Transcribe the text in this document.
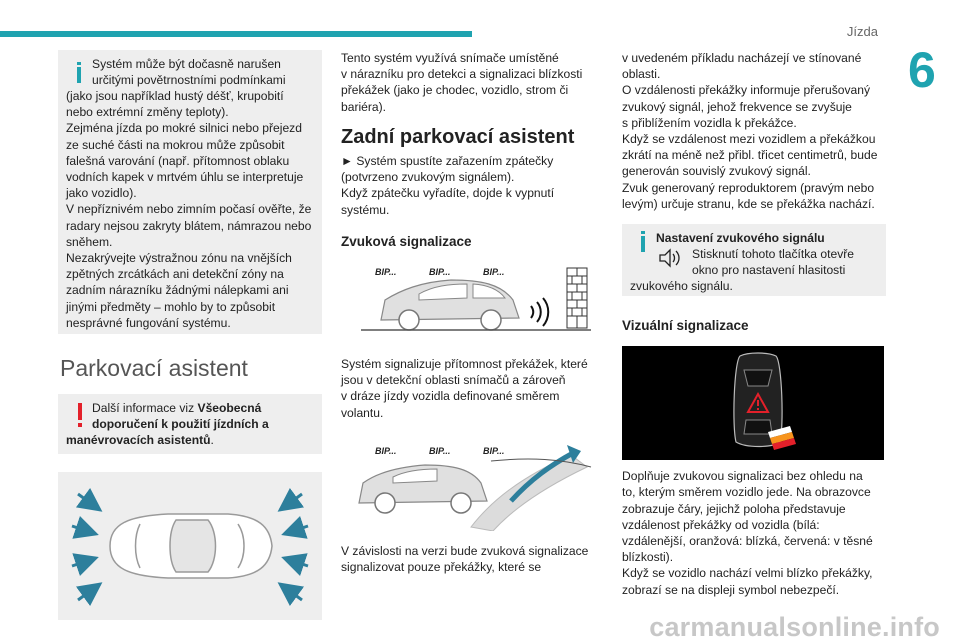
Jízda
6
Systém může být dočasně narušen
určitými povětrnostními podmínkami

(jako jsou například hustý déšť, krupobití

nebo extrémní změny teploty).

Zejména jízda po mokré silnici nebo přejezd

ze suché části na mokrou může způsobit

falešná varování (např. přítomnost oblaku

vodních kapek v mrtvém úhlu se interpretuje

jako vozidlo).

V nepříznivém nebo zimním počasí ověřte, že

radary nejsou zakryty blátem, námrazou nebo

sněhem.

Nezakrývejte výstražnou zónu na vnějších

zpětných zrcátkách ani detekční zóny na

zadním nárazníku žádnými nálepkami ani

jinými předměty – mohlo by to způsobit

nesprávné fungování systému.

Parkovací asistent
Další informace viz Všeobecná
doporučení k použití jízdních a
manévrovacích asistentů.

Tento systém využívá snímače umístěné

v nárazníku pro detekci a signalizaci blízkosti

překážek (jako je chodec, vozidlo, strom či

bariéra).

Zadní parkovací asistent

► Systém spustíte zařazením zpátečky

(potvrzeno zvukovým signálem).

Když zpátečku vyřadíte, dojde k vypnutí

systému.

Zvuková signalizace
BIP...	BIP...	BIP...

Systém signalizuje přítomnost překážek, které

jsou v detekční oblasti snímačů a zároveň

v dráze jízdy vozidla definované směrem

volantu.

BIP...	BIP...	BIP...

V závislosti na verzi bude zvuková signalizace

signalizovat pouze překážky, které se

v uvedeném příkladu nacházejí ve stínované

oblasti.

O vzdálenosti překážky informuje přerušovaný

zvukový signál, jehož frekvence se zvyšuje

s přiblížením vozidla k překážce.

Když se vzdálenost mezi vozidlem a překážkou

zkrátí na méně než přibl. třicet centimetrů, bude

generován souvislý zvukový signál.

Zvuk generovaný reproduktorem (pravým nebo

levým) určuje stranu, kde se překážka nachází.

Nastavení zvukového signálu
Stisknutí tohoto tlačítka otevře
okno pro nastavení hlasitosti
zvukového signálu.
Vizuální signalizace

Doplňuje zvukovou signalizaci bez ohledu na

to, kterým směrem vozidlo jede. Na obrazovce

zobrazuje čáry, jejichž poloha představuje

vzdálenost překážky od vozidla (bílá:

vzdálenější, oranžová: blízká, červená: v těsné

blízkosti).

Když se vozidlo nachází velmi blízko překážky,

zobrazí se na displeji symbol nebezpečí.

carmanualsonline.info
